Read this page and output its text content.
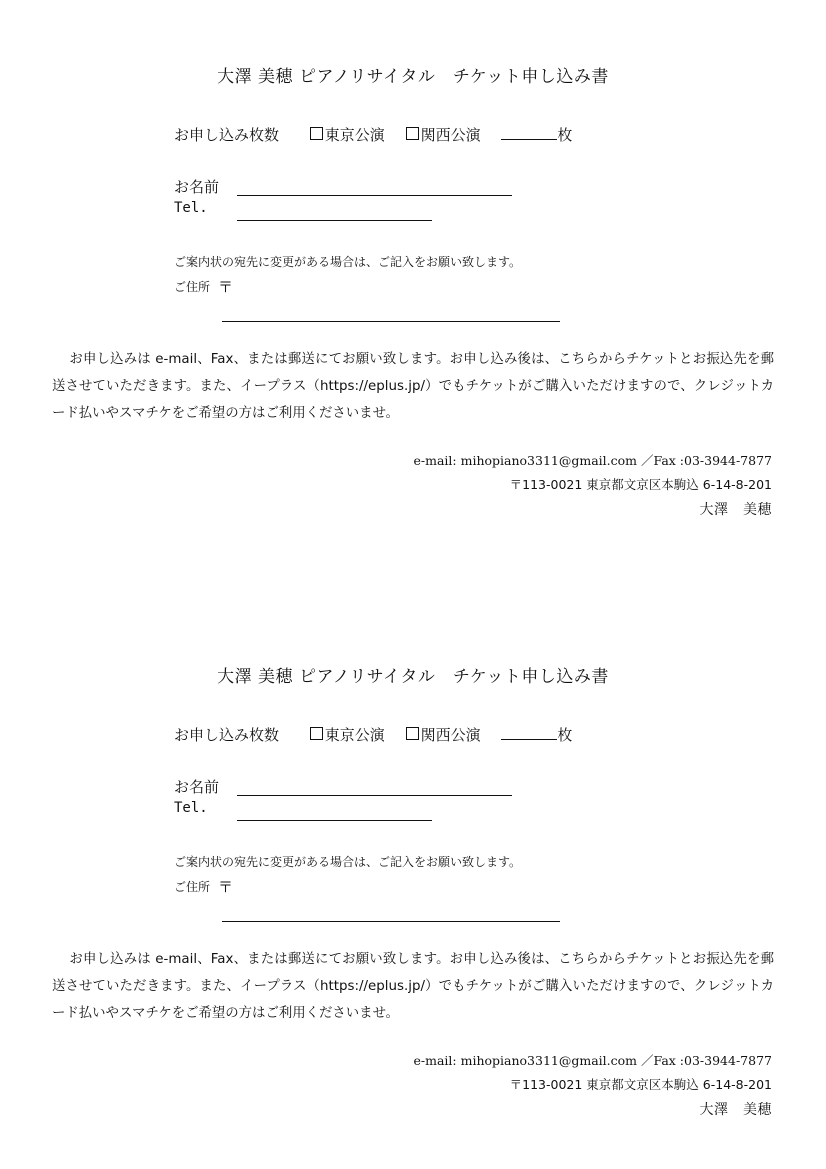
大澤 美穂 ピアノリサイタル　チケット申し込み書
お申し込み枚数	東京公演 関西公演	枚
お名前
Tel.
ご案内状の宛先に変更がある場合は、ご記入をお願い致します。
ご住所 〒

お申し込みは e-mail、Fax、または郵送にてお願い致します。お申し込み後は、こちらからチケットとお振込先を郵送させていただきます。また、イープラス（https://eplus.jp/）でもチケットがご購入いただけますので、クレジットカード払いやスマチケをご希望の方はご利用くださいませ。

e-mail: mihopiano3311@gmail.com ／Fax :03-3944-7877
〒113-0021 東京都文京区本駒込 6-14-8-201
大澤　美穂
大澤 美穂 ピアノリサイタル　チケット申し込み書
お申し込み枚数	東京公演 関西公演	枚
お名前
Tel.
ご案内状の宛先に変更がある場合は、ご記入をお願い致します。
ご住所 〒

お申し込みは e-mail、Fax、または郵送にてお願い致します。お申し込み後は、こちらからチケットとお振込先を郵送させていただきます。また、イープラス（https://eplus.jp/）でもチケットがご購入いただけますので、クレジットカード払いやスマチケをご希望の方はご利用くださいませ。

e-mail: mihopiano3311@gmail.com ／Fax :03-3944-7877
〒113-0021 東京都文京区本駒込 6-14-8-201
大澤　美穂
